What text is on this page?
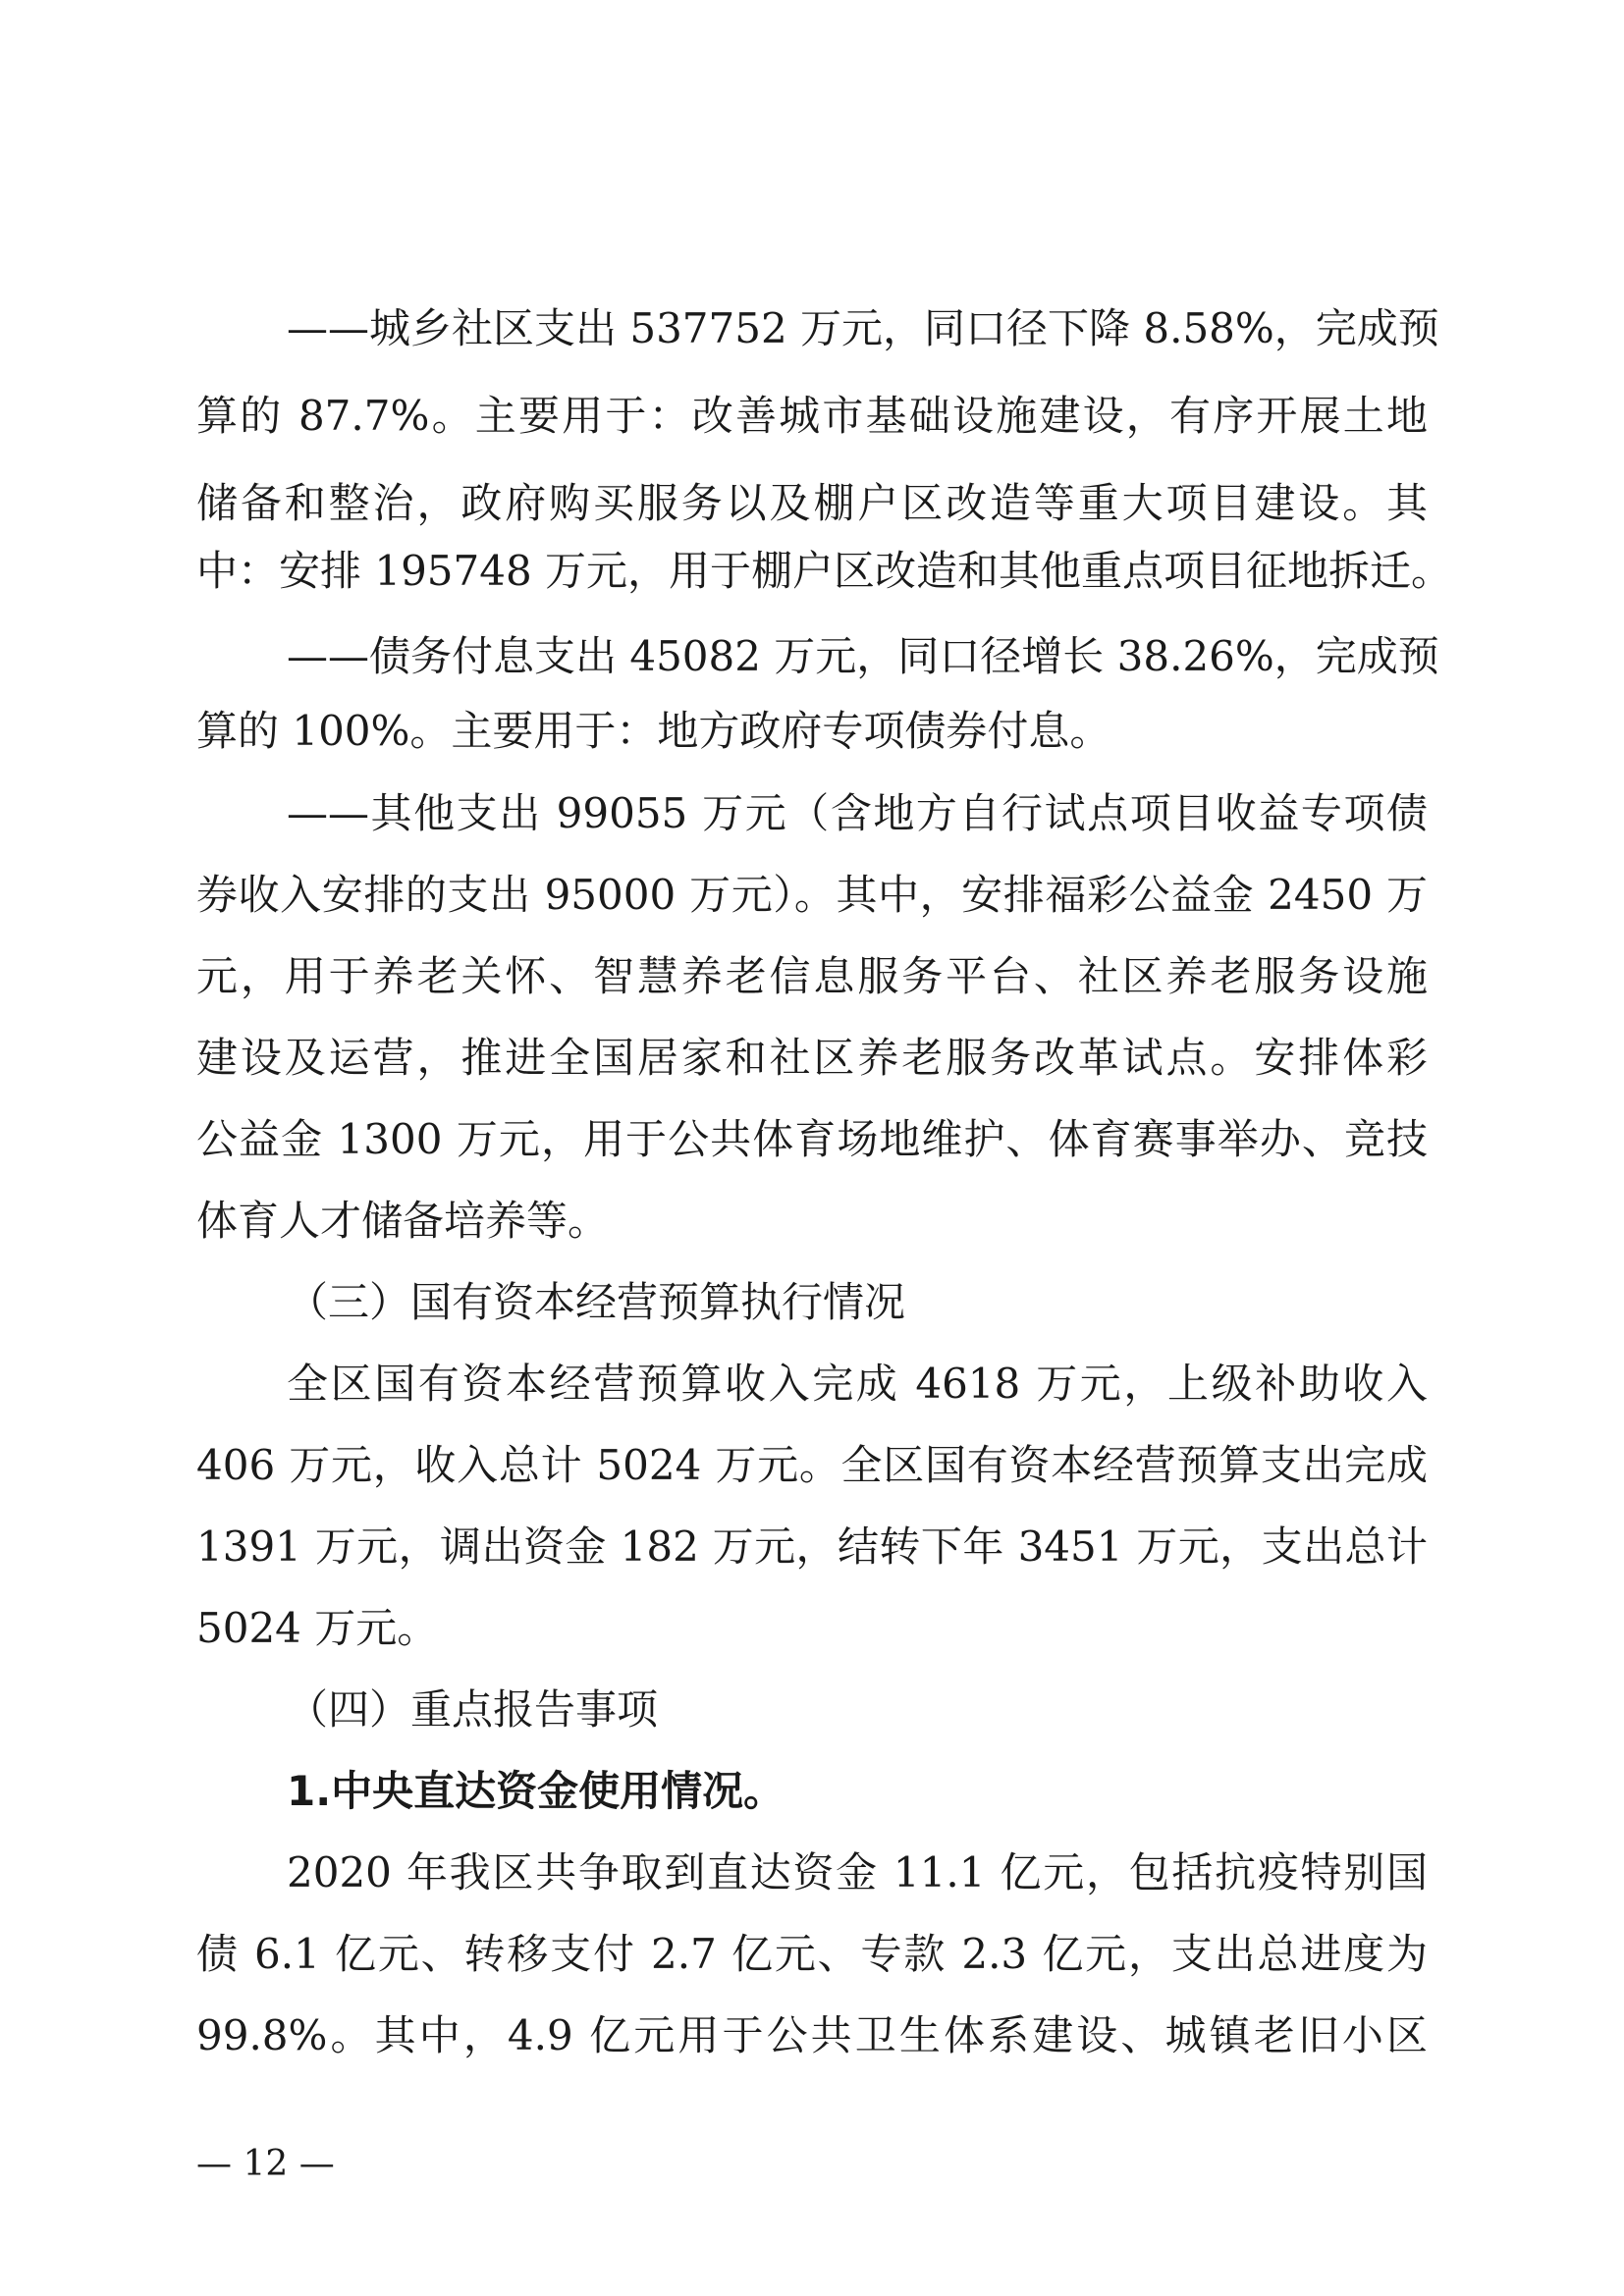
——城乡社区支出 537752 万元，同口径下降 8.58%，完成预
算的 87.7%。主要用于：改善城市基础设施建设，有序开展土地
储备和整治，政府购买服务以及棚户区改造等重大项目建设。其
中：安排 195748 万元，用于棚户区改造和其他重点项目征地拆迁。
——债务付息支出 45082 万元，同口径增长 38.26%，完成预
算的 100%。主要用于：地方政府专项债券付息。
——其他支出 99055 万元（含地方自行试点项目收益专项债
券收入安排的支出 95000 万元）。其中，安排福彩公益金 2450 万
元，用于养老关怀、智慧养老信息服务平台、社区养老服务设施
建设及运营，推进全国居家和社区养老服务改革试点。安排体彩
公益金 1300 万元，用于公共体育场地维护、体育赛事举办、竞技
体育人才储备培养等。
（三）国有资本经营预算执行情况
全区国有资本经营预算收入完成 4618 万元，上级补助收入
406 万元，收入总计 5024 万元。全区国有资本经营预算支出完成
1391 万元，调出资金 182 万元，结转下年 3451 万元，支出总计
5024 万元。
（四）重点报告事项
1.中央直达资金使用情况。
2020 年我区共争取到直达资金 11.1 亿元，包括抗疫特别国
债 6.1 亿元、转移支付 2.7 亿元、专款 2.3 亿元，支出总进度为
99.8%。其中，4.9 亿元用于公共卫生体系建设、城镇老旧小区
— 12 —
